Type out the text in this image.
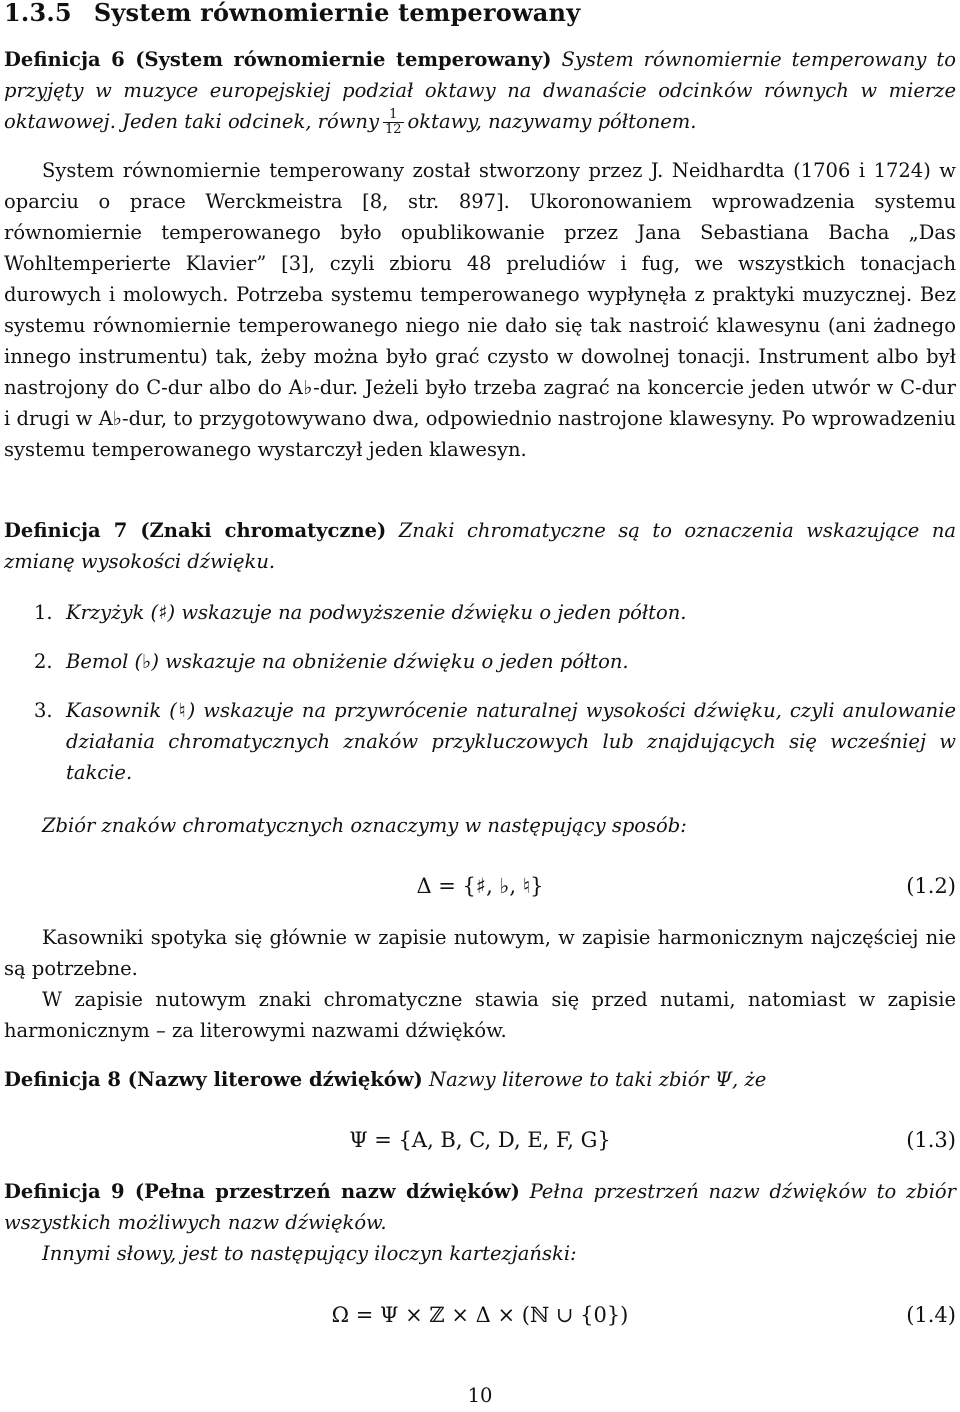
1.3.5 System równomiernie temperowany

Definicja 6 (System równomiernie temperowany) System równomiernie temperowany to przyjęty w muzyce europejskiej podział oktawy na dwanaście odcinków równych w mierze oktawowej. Jeden taki odcinek, równy $\frac{1}{12}$ oktawy, nazywamy półtonem.

System równomiernie temperowany został stworzony przez J. Neidhardta (1706 i 1724) w oparciu o prace Werckmeistra [8, str. 897]. Ukoronowaniem wprowadzenia systemu równomiernie temperowanego było opublikowanie przez Jana Sebastiana Bacha „Das Wohltemperierte Klavier” [3], czyli zbioru 48 preludiów i fug, we wszystkich tonacjach durowych i molowych. Potrzeba systemu temperowanego wypłynęła z praktyki muzycznej. Bez systemu równomiernie temperowanego niego nie dało się tak nastroić klawesynu (ani żadnego innego instrumentu) tak, żeby można było grać czysto w dowolnej tonacji. Instrument albo był nastrojony do C-dur albo do A♭-dur. Jeżeli było trzeba zagrać na koncercie jeden utwór w C-dur i drugi w A♭-dur, to przygotowywano dwa, odpowiednio nastrojone klawesyny. Po wprowadzeniu systemu temperowanego wystarczył jeden klawesyn.

Definicja 7 (Znaki chromatyczne) Znaki chromatyczne są to oznaczenia wskazujące na zmianę wysokości dźwięku.

1. Krzyżyk (♯) wskazuje na podwyższenie dźwięku o jeden półton.
2. Bemol (♭) wskazuje na obniżenie dźwięku o jeden półton.
3. Kasownik (♮) wskazuje na przywrócenie naturalnej wysokości dźwięku, czyli anulowanie działania chromatycznych znaków przykluczowych lub znajdujących się wcześniej w takcie.

Zbiór znaków chromatycznych oznaczymy w następujący sposób:

Δ = {♯, ♭, ♮}	(1.2)

Kasowniki spotyka się głównie w zapisie nutowym, w zapisie harmonicznym najczęściej nie są potrzebne.

W zapisie nutowym znaki chromatyczne stawia się przed nutami, natomiast w zapisie harmonicznym – za literowymi nazwami dźwięków.

Definicja 8 (Nazwy literowe dźwięków) Nazwy literowe to taki zbiór Ψ, że

Ψ = {A, B, C, D, E, F, G}	(1.3)

Definicja 9 (Pełna przestrzeń nazw dźwięków) Pełna przestrzeń nazw dźwięków to zbiór wszystkich możliwych nazw dźwięków.

Innymi słowy, jest to następujący iloczyn kartezjański:

Ω = Ψ × ℤ × Δ × (ℕ ∪ {0})	(1.4)
10
